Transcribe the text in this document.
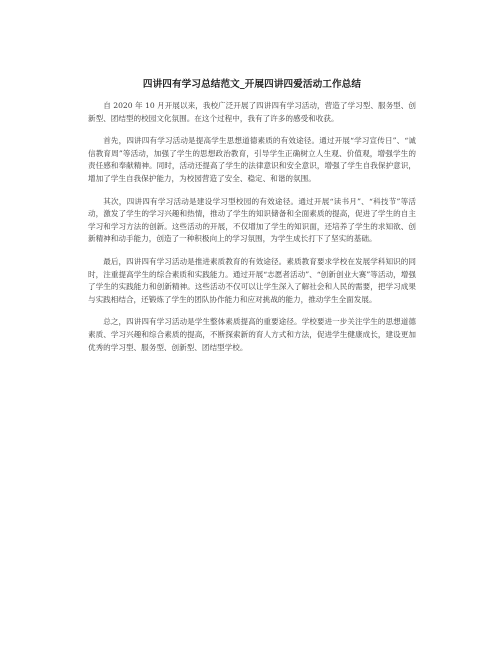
四讲四有学习总结范文_开展四讲四爱活动工作总结

自 2020 年 10 月开展以来，我校广泛开展了四讲四有学习活动，营造了学习型、服务型、创新型、团结型的校园文化氛围。在这个过程中，我有了许多的感受和收获。

首先，四讲四有学习活动是提高学生思想道德素质的有效途径。通过开展“学习宣传日”、“诚信教育周”等活动，加强了学生的思想政治教育，引导学生正确树立人生观、价值观，增强学生的责任感和奉献精神。同时，活动还提高了学生的法律意识和安全意识，增强了学生自我保护意识，增加了学生自我保护能力，为校园营造了安全、稳定、和谐的氛围。

其次，四讲四有学习活动是建设学习型校园的有效途径。通过开展“读书月”、“科技节”等活动，激发了学生的学习兴趣和热情，推动了学生的知识储备和全面素质的提高，促进了学生的自主学习和学习方法的创新。这些活动的开展，不仅增加了学生的知识面，还培养了学生的求知欲、创新精神和动手能力，创造了一种积极向上的学习氛围，为学生成长打下了坚实的基础。

最后，四讲四有学习活动是推进素质教育的有效途径。素质教育要求学校在发展学科知识的同时，注重提高学生的综合素质和实践能力。通过开展“志愿者活动”、“创新创业大赛”等活动，增强了学生的实践能力和创新精神。这些活动不仅可以让学生深入了解社会和人民的需要，把学习成果与实践相结合，还锻炼了学生的团队协作能力和应对挑战的能力，推动学生全面发展。

总之，四讲四有学习活动是学生整体素质提高的重要途径。学校要进一步关注学生的思想道德素质、学习兴趣和综合素质的提高，不断探索新的育人方式和方法，促进学生健康成长，建设更加优秀的学习型、服务型、创新型、团结型学校。
